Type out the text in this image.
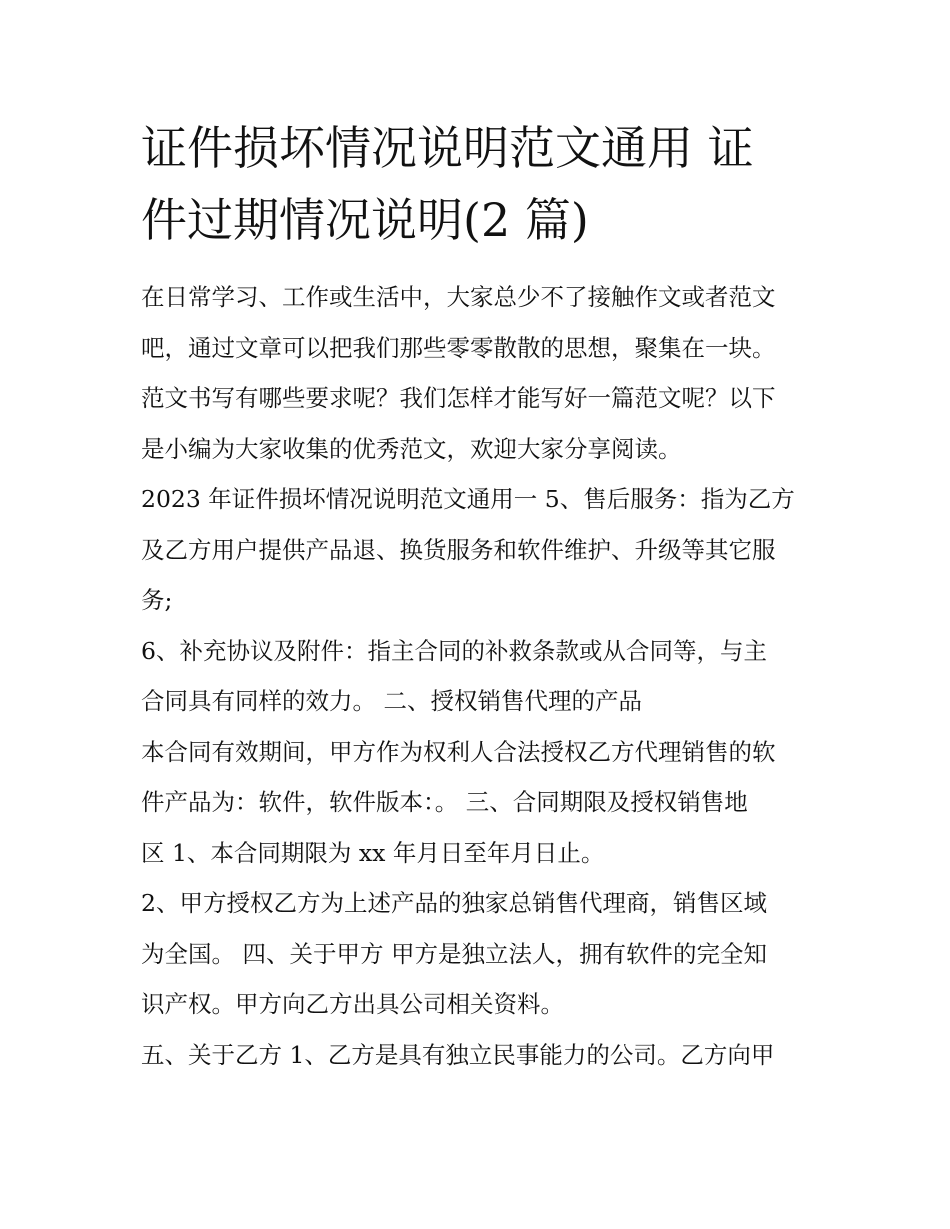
证件损坏情况说明范文通用 证
件过期情况说明(2 篇)

在日常学习、工作或生活中，大家总少不了接触作文或者范文
吧，通过文章可以把我们那些零零散散的思想，聚集在一块。
范文书写有哪些要求呢？我们怎样才能写好一篇范文呢？以下
是小编为大家收集的优秀范文，欢迎大家分享阅读。

2023 年证件损坏情况说明范文通用一 5、售后服务：指为乙方
及乙方用户提供产品退、换货服务和软件维护、升级等其它服
务;

6、补充协议及附件：指主合同的补救条款或从合同等，与主
合同具有同样的效力。 二、授权销售代理的产品

本合同有效期间，甲方作为权利人合法授权乙方代理销售的软
件产品为：软件，软件版本：。 三、合同期限及授权销售地
区 1、本合同期限为 xx 年月日至年月日止。

2、甲方授权乙方为上述产品的独家总销售代理商，销售区域
为全国。 四、关于甲方 甲方是独立法人，拥有软件的完全知
识产权。甲方向乙方出具公司相关资料。

五、关于乙方 1、乙方是具有独立民事能力的公司。乙方向甲
